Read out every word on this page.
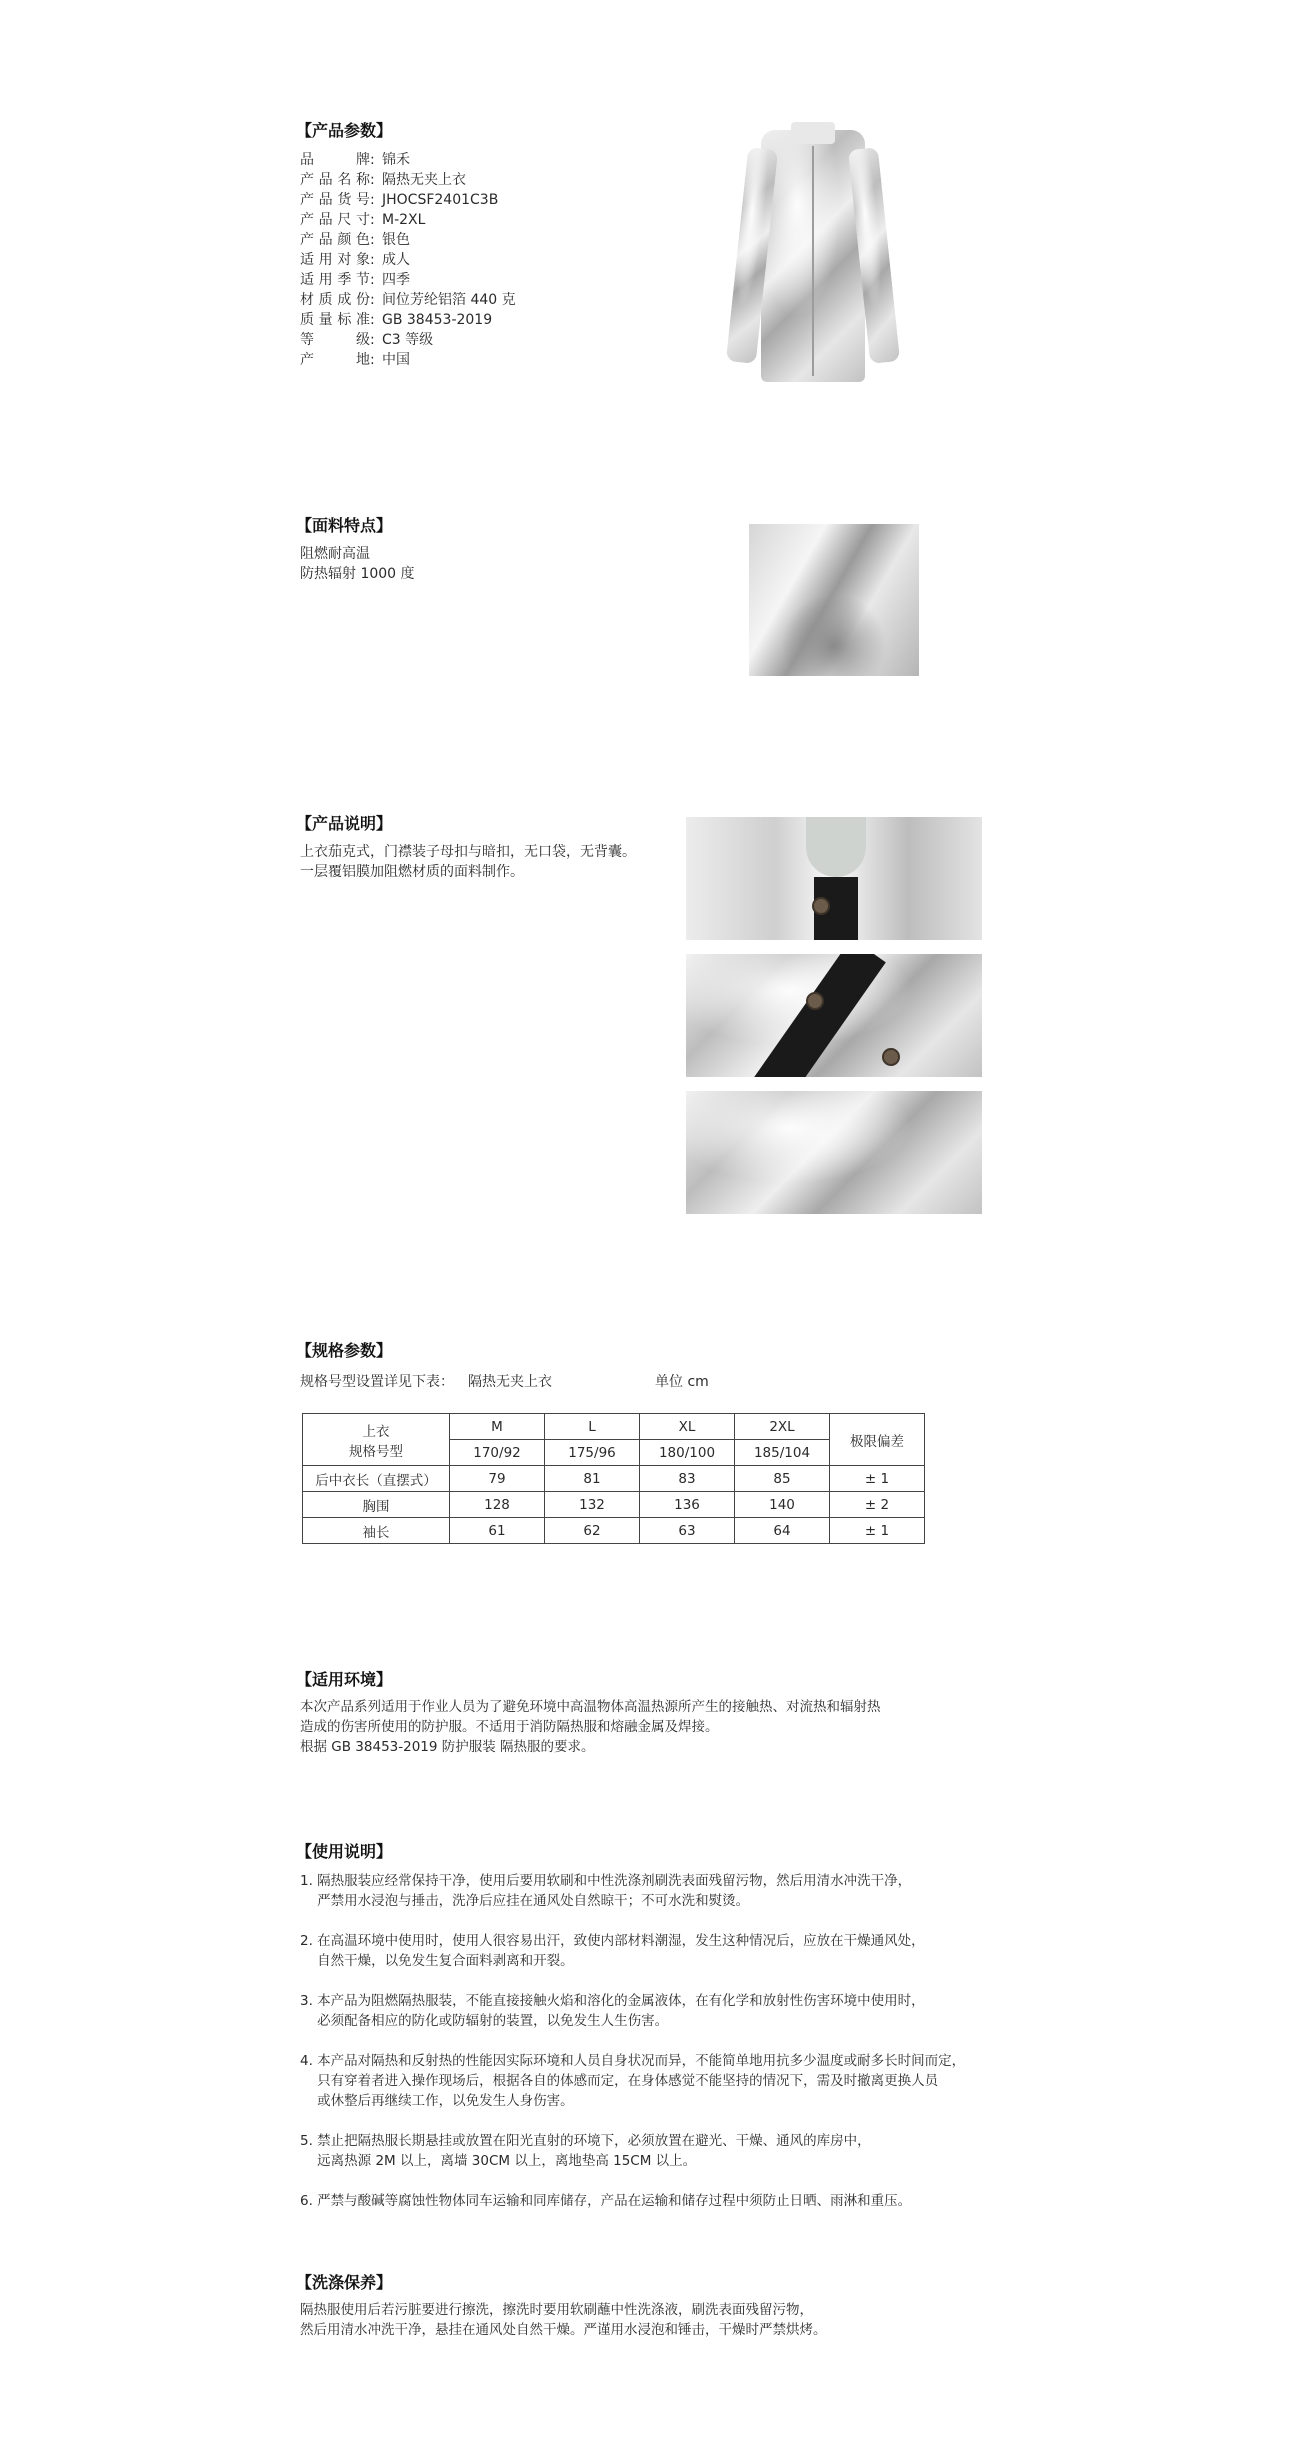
【产品参数】
品牌 : 锦禾
产品名称 : 隔热无夹上衣
产品货号 : JHOCSF2401C3B
产品尺寸 : M-2XL
产品颜色 : 银色
适用对象 : 成人
适用季节 : 四季
材质成份 : 间位芳纶铝箔 440 克
质量标准 : GB 38453-2019
等级 : C3 等级
产地 : 中国
【面料特点】
阻燃耐高温
防热辐射 1000 度
【产品说明】
上衣茄克式，门襟装子母扣与暗扣，无口袋，无背囊。
一层覆铝膜加阻燃材质的面料制作。
【规格参数】
规格号型设置详见下表： 隔热无夹上衣	单位 cm
上衣	M	L	XL	2XL	极限偏差
规格号型	170/92	175/96	180/100	185/104	
后中衣长（直摆式）	79	81	83	85	± 1
胸围	128	132	136	140	± 2
袖长	61	62	63	64	± 1
【适用环境】
本次产品系列适用于作业人员为了避免环境中高温物体高温热源所产生的接触热、对流热和辐射热
造成的伤害所使用的防护服。不适用于消防隔热服和熔融金属及焊接。
根据 GB 38453-2019 防护服装 隔热服的要求。
【使用说明】
1. 隔热服装应经常保持干净，使用后要用软刷和中性洗涤剂刷洗表面残留污物，然后用清水冲洗干净，
严禁用水浸泡与捶击，洗净后应挂在通风处自然晾干；不可水洗和熨烫。
2. 在高温环境中使用时，使用人很容易出汗，致使内部材料潮湿，发生这种情况后，应放在干燥通风处，
自然干燥，以免发生复合面料剥离和开裂。
3. 本产品为阻燃隔热服装，不能直接接触火焰和溶化的金属液体，在有化学和放射性伤害环境中使用时，
必须配备相应的防化或防辐射的装置，以免发生人生伤害。
4. 本产品对隔热和反射热的性能因实际环境和人员自身状况而异，不能简单地用抗多少温度或耐多长时间而定，
只有穿着者进入操作现场后，根据各自的体感而定，在身体感觉不能坚持的情况下，需及时撤离更换人员
或休整后再继续工作，以免发生人身伤害。
5. 禁止把隔热服长期悬挂或放置在阳光直射的环境下，必须放置在避光、干燥、通风的库房中，
远离热源 2M 以上，离墙 30CM 以上，离地垫高 15CM 以上。
6. 严禁与酸碱等腐蚀性物体同车运输和同库储存，产品在运输和储存过程中须防止日晒、雨淋和重压。
【洗涤保养】
隔热服使用后若污脏要进行擦洗，擦洗时要用软刷蘸中性洗涤液，刷洗表面残留污物，
然后用清水冲洗干净，悬挂在通风处自然干燥。严谨用水浸泡和锤击，干燥时严禁烘烤。
